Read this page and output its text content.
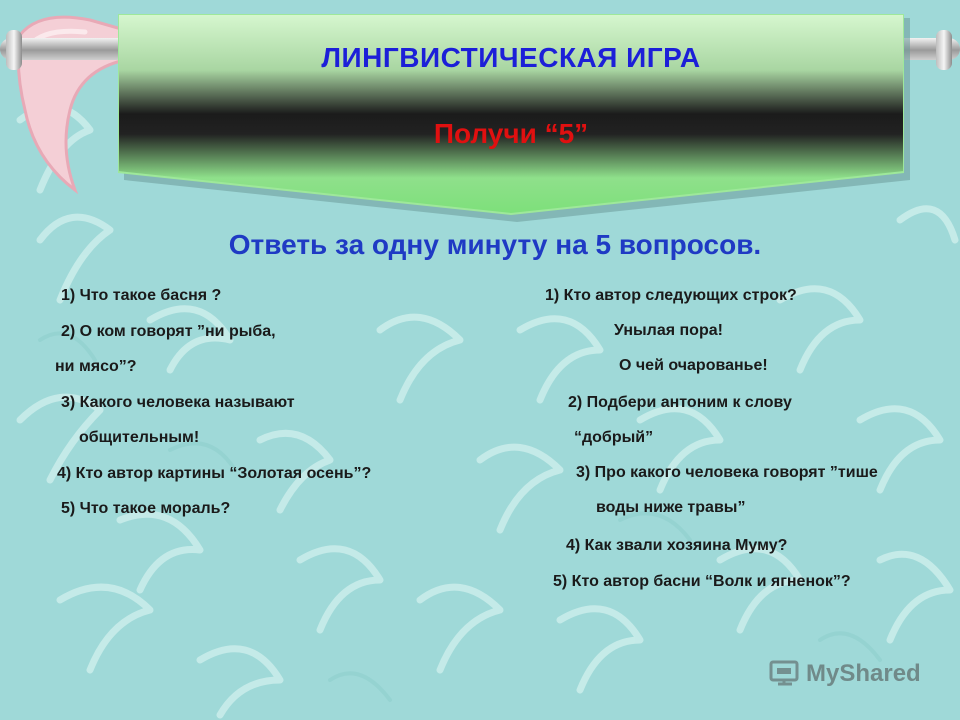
ЛИНГВИСТИЧЕСКАЯ ИГРА
Получи “5”
Ответь за одну минуту на 5 вопросов.
1) Что такое басня ?
2) О ком говорят ”ни рыба,
ни мясо”?
3) Какого человека называют
общительным!
4) Кто автор картины “Золотая осень”?
5) Что такое мораль?
1) Кто автор следующих строк?
Унылая пора!
О чей очарованье!
2) Подбери антоним к слову
“добрый”
3) Про какого человека говорят ”тише
воды ниже травы”
4) Как звали хозяина Муму?
5) Кто автор басни “Волк и ягненок”?
MyShared
